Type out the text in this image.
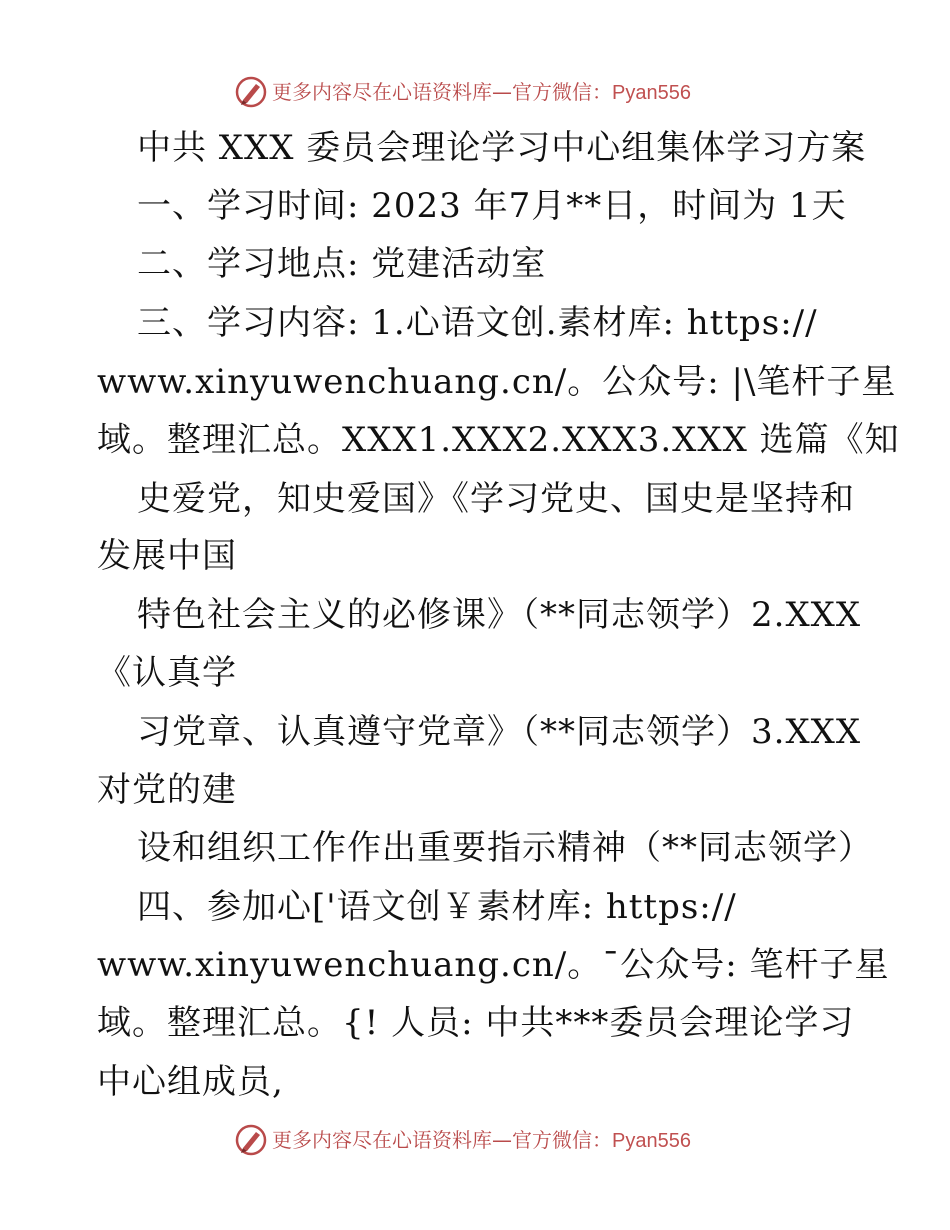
更多内容尽在心语资料库—官方微信：Pyan556
中共 XXX 委员会理论学习中心组集体学习方案
一、学习时间: 2023 年7月**日，时间为 1天
二、学习地点: 党建活动室
三、学习内容: 1.心语文创.素材库: https://
www.xinyuwenchuang.cn/。公众号: |\笔杆子星
域。整理汇总。XXX1.XXX2.XXX3.XXX 选篇《知
史爱党，知史爱国》《学习党史、国史是坚持和
发展中国
特色社会主义的必修课》（**同志领学）2.XXX
《认真学
习党章、认真遵守党章》（**同志领学）3.XXX
对党的建
设和组织工作作出重要指示精神（**同志领学）
四、参加心['语文创￥素材库: https://
www.xinyuwenchuang.cn/。¯公众号: 笔杆子星
域。整理汇总。{! 人员: 中共***委员会理论学习
中心组成员,
更多内容尽在心语资料库—官方微信：Pyan556
